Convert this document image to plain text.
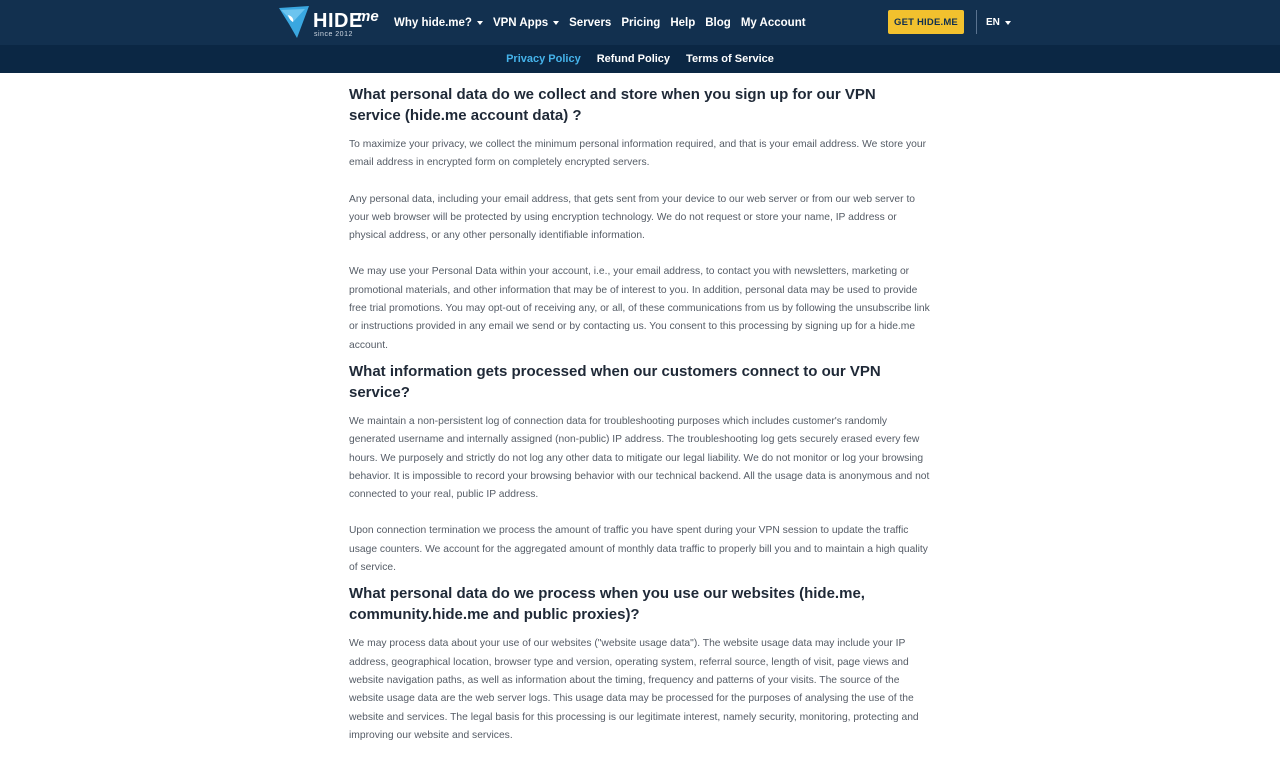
HIDE
me
since 2012
Why hide.me? VPN Apps Servers Pricing Help Blog My Account	GET HIDE.ME	EN
Privacy Policy Refund Policy Terms of Service
What personal data do we collect and store when you sign up for our VPN service (hide.me account data) ?

To maximize your privacy, we collect the minimum personal information required, and that is your email address. We store your email address in encrypted form on completely encrypted servers.

Any personal data, including your email address, that gets sent from your device to our web server or from our web server to your web browser will be protected by using encryption technology. We do not request or store your name, IP address or physical address, or any other personally identifiable information.

We may use your Personal Data within your account, i.e., your email address, to contact you with newsletters, marketing or promotional materials, and other information that may be of interest to you. In addition, personal data may be used to provide free trial promotions. You may opt-out of receiving any, or all, of these communications from us by following the unsubscribe link or instructions provided in any email we send or by contacting us. You consent to this processing by signing up for a hide.me account.

What information gets processed when our customers connect to our VPN service?

We maintain a non-persistent log of connection data for troubleshooting purposes which includes customer's randomly generated username and internally assigned (non-public) IP address. The troubleshooting log gets securely erased every few hours. We purposely and strictly do not log any other data to mitigate our legal liability. We do not monitor or log your browsing behavior. It is impossible to record your browsing behavior with our technical backend. All the usage data is anonymous and not connected to your real, public IP address.

Upon connection termination we process the amount of traffic you have spent during your VPN session to update the traffic usage counters. We account for the aggregated amount of monthly data traffic to properly bill you and to maintain a high quality of service.

What personal data do we process when you use our websites (hide.me, community.hide.me and public proxies)?

We may process data about your use of our websites ("website usage data"). The website usage data may include your IP address, geographical location, browser type and version, operating system, referral source, length of visit, page views and website navigation paths, as well as information about the timing, frequency and patterns of your visits. The source of the website usage data are the web server logs. This usage data may be processed for the purposes of analysing the use of the website and services. The legal basis for this processing is our legitimate interest, namely security, monitoring, protecting and improving our website and services.
